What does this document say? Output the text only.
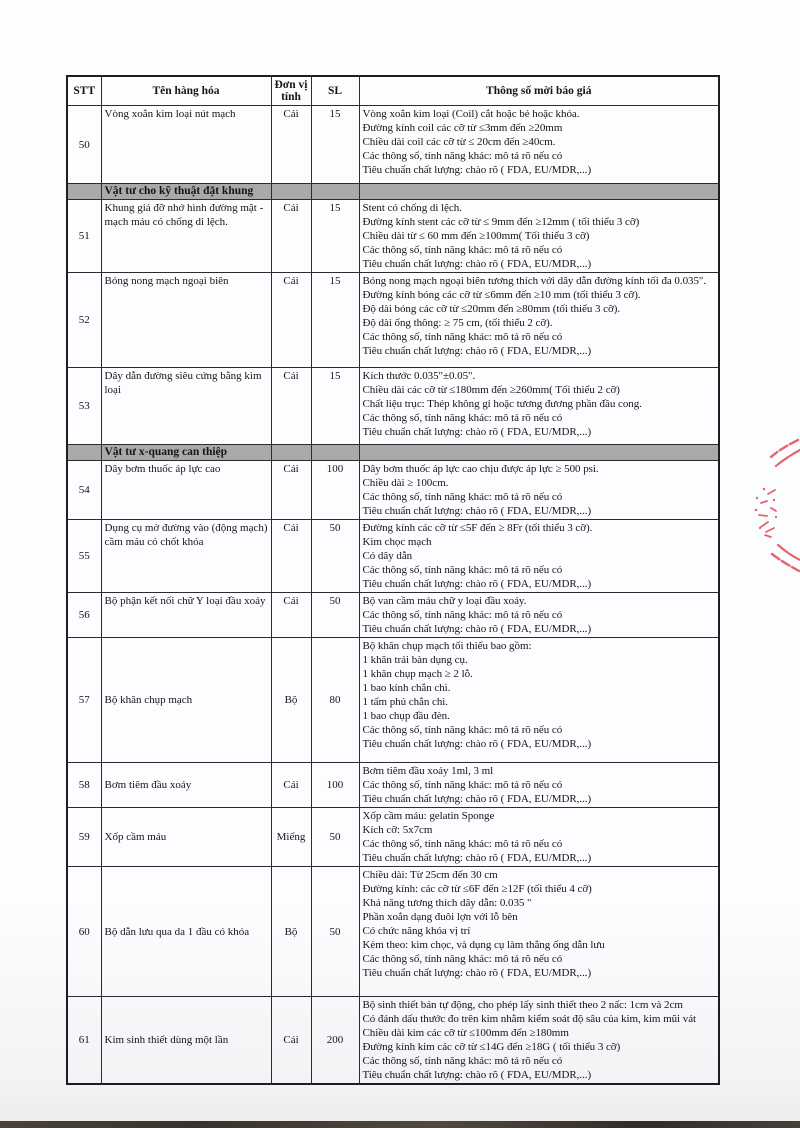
STT	Tên hàng hóa	Đơn vị tính	SL	Thông số mời báo giá
50	Vòng xoắn kim loại nút mạch	Cái	15	Vòng xoắn kim loại (Coil) cắt hoặc bẻ hoặc khóa.
Đường kính coil các cỡ từ ≤3mm đến ≥20mm
Chiều dài coil các cỡ từ ≤ 20cm đến ≥40cm.
Các thông số, tính năng khác: mô tả rõ nếu có
Tiêu chuẩn chất lượng: chào rõ ( FDA, EU/MDR,...)

	Vật tư cho kỹ thuật đặt khung			
51	Khung giá đỡ nhớ hình đường mật - mạch máu có chống di lệch.	Cái	15	Stent có chống di lệch.
Đường kính stent các cỡ từ ≤ 9mm đến ≥12mm ( tối thiểu 3 cỡ)
Chiều dài từ ≤ 60 mm đến ≥100mm( Tối thiểu 3 cỡ)
Các thông số, tính năng khác: mô tả rõ nếu có
Tiêu chuẩn chất lượng: chào rõ ( FDA, EU/MDR,...)

52	Bóng nong mạch ngoại biên	Cái	15	Bóng nong mạch ngoại biên tương thích với dây dẫn đường kính tối đa 0.035".
Đường kính bóng các cỡ từ ≤6mm đến ≥10 mm (tối thiểu 3 cỡ).
Độ dài bóng các cỡ từ ≤20mm đến ≥80mm (tối thiểu 3 cỡ).
Độ dài ống thông: ≥ 75 cm, (tối thiểu 2 cỡ).
Các thông số, tính năng khác: mô tả rõ nếu có
Tiêu chuẩn chất lượng: chào rõ ( FDA, EU/MDR,...)

53	Dây dẫn đường siêu cứng bằng kim loại	Cái	15	Kích thước 0.035"±0.05".
Chiều dài các cỡ từ ≤180mm đến ≥260mm( Tối thiểu 2 cỡ)
Chất liệu trục: Thép không gỉ hoặc tương đương phần đầu cong.
Các thông số, tính năng khác: mô tả rõ nếu có
Tiêu chuẩn chất lượng: chào rõ ( FDA, EU/MDR,...)

	Vật tư x-quang can thiệp			
54	Dây bơm thuốc áp lực cao	Cái	100	Dây bơm thuốc áp lực cao chịu được áp lực ≥ 500 psi.
Chiều dài ≥ 100cm.
Các thông số, tính năng khác: mô tả rõ nếu có
Tiêu chuẩn chất lượng: chào rõ ( FDA, EU/MDR,...)

55	Dụng cụ mở đường vào (động mạch) cầm máu có chốt khóa	Cái	50	Đường kính các cỡ từ ≤5F đến ≥ 8Fr (tối thiểu 3 cỡ).
Kim chọc mạch
Có dây dẫn
Các thông số, tính năng khác: mô tả rõ nếu có
Tiêu chuẩn chất lượng: chào rõ ( FDA, EU/MDR,...)

56	Bộ phận kết nối chữ Y loại đầu xoáy	Cái	50	Bộ van cầm máu chữ y loại đầu xoáy.
Các thông số, tính năng khác: mô tả rõ nếu có
Tiêu chuẩn chất lượng: chào rõ ( FDA, EU/MDR,...)

57	Bộ khăn chụp mạch	Bộ	80	
Bộ khăn chụp mạch tối thiểu bao gồm:
1 khăn trải bàn dụng cụ.
1 khăn chụp mạch ≥ 2 lỗ.
1 bao kính chắn chì.
1 tấm phủ chắn chì.
1 bao chụp đầu đèn.
Các thông số, tính năng khác: mô tả rõ nếu có
Tiêu chuẩn chất lượng: chào rõ ( FDA, EU/MDR,...)

58	Bơm tiêm đầu xoáy	Cái	100	Bơm tiêm đầu xoáy 1ml, 3 ml
Các thông số, tính năng khác: mô tả rõ nếu có
Tiêu chuẩn chất lượng: chào rõ ( FDA, EU/MDR,...)

59	Xốp cầm máu	Miếng	50	Xốp cầm máu: gelatin Sponge
Kích cỡ: 5x7cm
Các thông số, tính năng khác: mô tả rõ nếu có
Tiêu chuẩn chất lượng: chào rõ ( FDA, EU/MDR,...)

60	Bộ dẫn lưu qua da 1 đầu có khóa	Bộ	50	
Chiều dài: Từ 25cm đến 30 cm
Đường kính: các cỡ từ ≤6F đến ≥12F (tối thiểu 4 cỡ)
Khả năng tương thích dây dẫn: 0.035 "
Phần xoắn dạng đuôi lợn với lỗ bên
Có chức năng khóa vị trí
Kèm theo: kim chọc, và dụng cụ làm thẳng ống dẫn lưu
Các thông số, tính năng khác: mô tả rõ nếu có
Tiêu chuẩn chất lượng: chào rõ ( FDA, EU/MDR,...)

61	Kim sinh thiết dùng một lần	Cái	200	
Bộ sinh thiết bán tự động, cho phép lấy sinh thiết theo 2 nấc: 1cm và 2cm
Có đánh dấu thước đo trên kim nhằm kiểm soát độ sâu của kim, kim mũi vát
Chiều dài kim các cỡ từ ≤100mm đến ≥180mm
Đường kính kim các cỡ từ ≤14G đến ≥18G ( tối thiểu 3 cỡ)
Các thông số, tính năng khác: mô tả rõ nếu có
Tiêu chuẩn chất lượng: chào rõ ( FDA, EU/MDR,...)
